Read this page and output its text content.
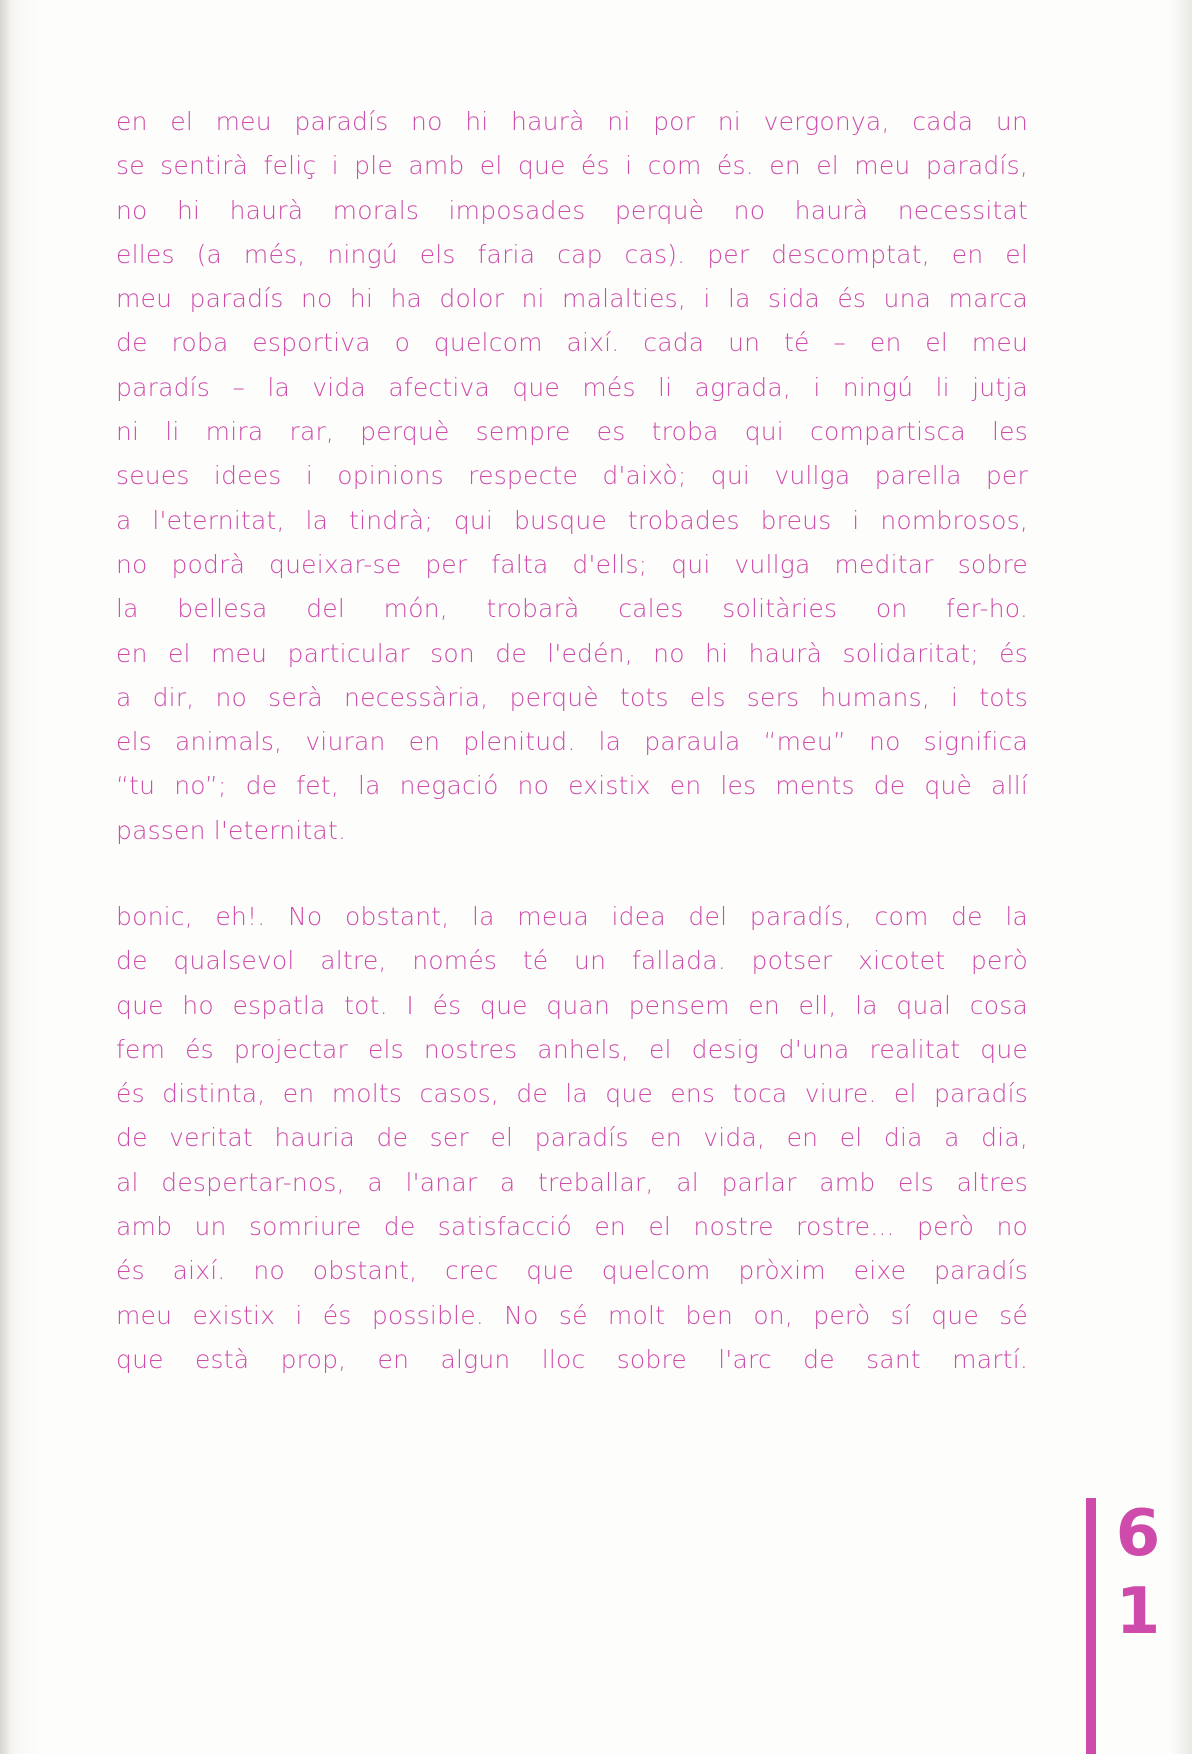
en el meu paradís no hi haurà ni por ni vergonya, cada un
se sentirà feliç i ple amb el que és i com és. en el meu paradís,
no hi haurà morals imposades perquè no haurà necessitat
elles (a més, ningú els faria cap cas). per descomptat, en el
meu paradís no hi ha dolor ni malalties, i la sida és una marca
de roba esportiva o quelcom així. cada un té – en el meu
paradís – la vida afectiva que més li agrada, i ningú li jutja
ni li mira rar, perquè sempre es troba qui compartisca les
seues idees i opinions respecte d'això; qui vullga parella per
a l'eternitat, la tindrà; qui busque trobades breus i nombrosos,
no podrà queixar-se per falta d'ells; qui vullga meditar sobre
la bellesa del món, trobarà cales solitàries on fer-ho.
en el meu particular son de l'edén, no hi haurà solidaritat; és
a dir, no serà necessària, perquè tots els sers humans, i tots
els animals, viuran en plenitud. la paraula “meu” no significa
“tu no”; de fet, la negació no existix en les ments de què allí
passen l'eternitat.
bonic, eh!. No obstant, la meua idea del paradís, com de la
de qualsevol altre, només té un fallada. potser xicotet però
que ho espatla tot. I és que quan pensem en ell, la qual cosa
fem és projectar els nostres anhels, el desig d'una realitat que
és distinta, en molts casos, de la que ens toca viure. el paradís
de veritat hauria de ser el paradís en vida, en el dia a dia,
al despertar-nos, a l'anar a treballar, al parlar amb els altres
amb un somriure de satisfacció en el nostre rostre... però no
és així. no obstant, crec que quelcom pròxim eixe paradís
meu existix i és possible. No sé molt ben on, però sí que sé
que està prop, en algun lloc sobre l'arc de sant martí.
6
1
